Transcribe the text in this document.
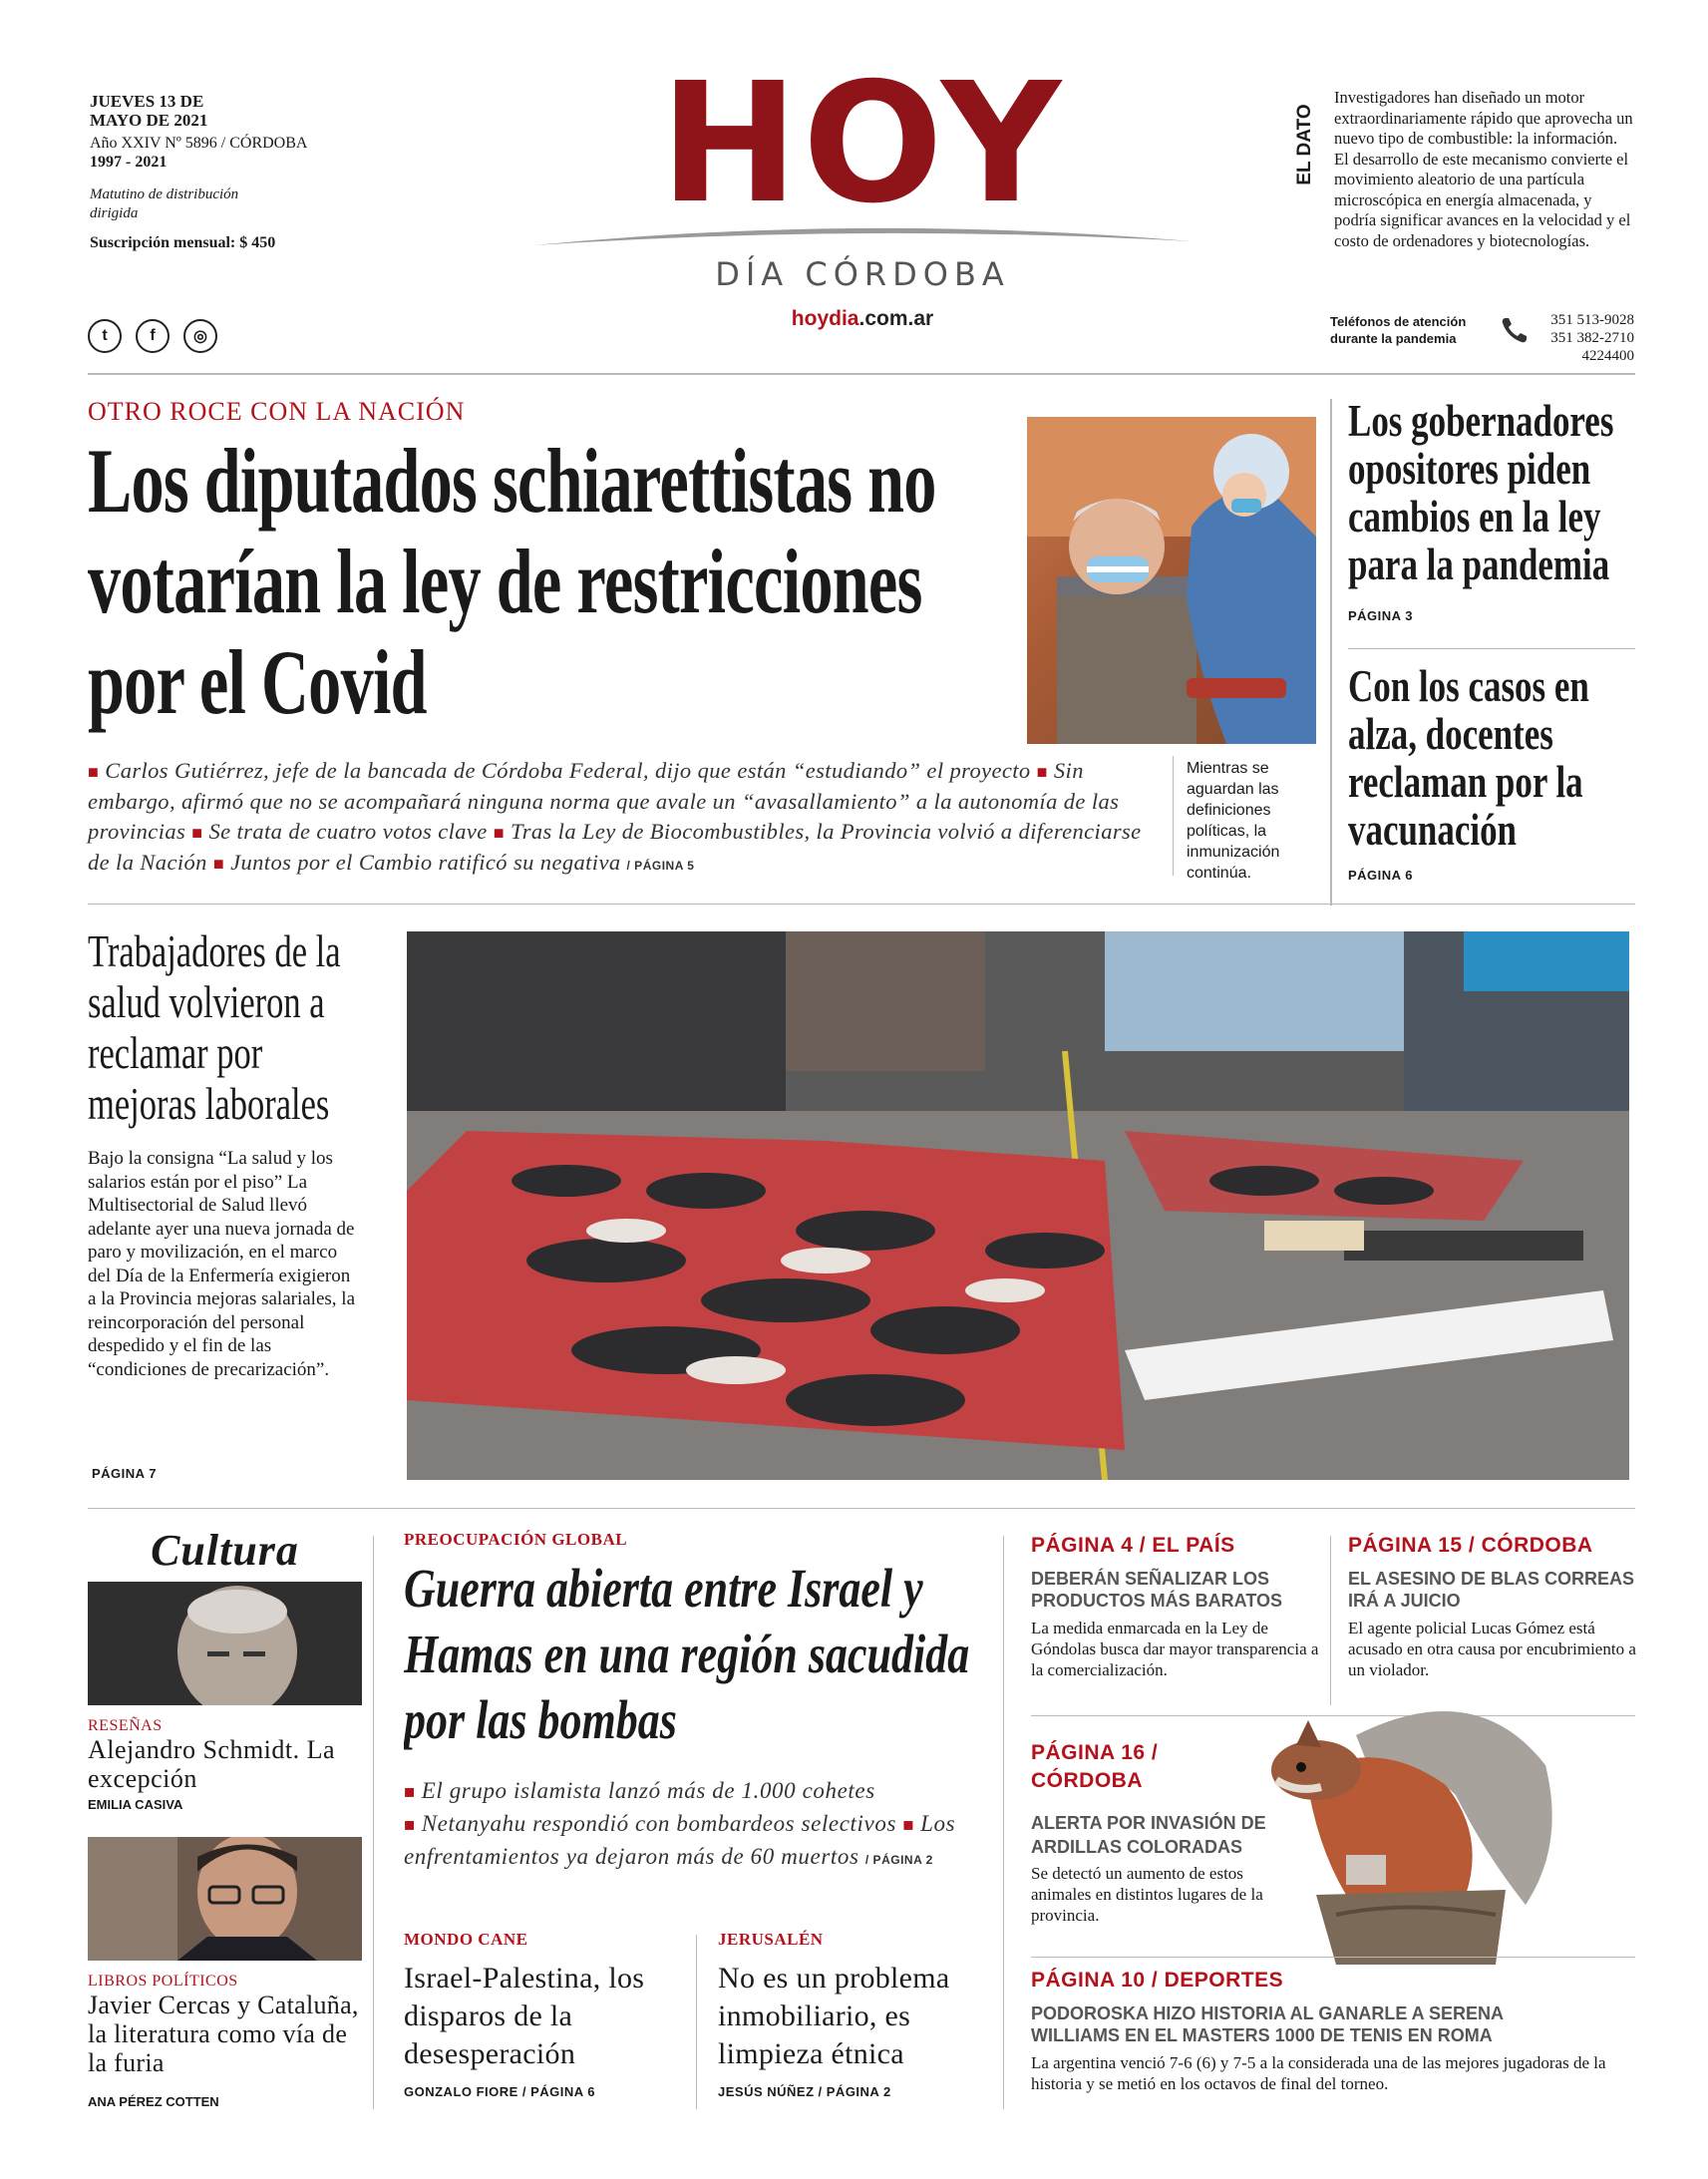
JUEVES 13 DE MAYO DE 2021
Año XXIV Nº 5896 / CÓRDOBA
1997 - 2021
Matutino de distribución dirigida
Suscripción mensual: $ 450
t	f	◎
HOY
DÍA CÓRDOBA
hoydia.com.ar
EL DATO
Investigadores han diseñado un motor extraordinariamente rápido que aprovecha un nuevo tipo de combustible: la información. El desarrollo de este mecanismo convierte el movimiento aleatorio de una partícula microscópica en energía almacenada, y podría significar avances en la velocidad y el costo de ordenadores y biotecnologías.
Teléfonos de atención durante la pandemia
351 513-9028
351 382-2710
4224400
OTRO ROCE CON LA NACIÓN
Los diputados schiarettistas no votarían la ley de restricciones por el Covid
■ Carlos Gutiérrez, jefe de la bancada de Córdoba Federal, dijo que están “estudiando” el proyecto ■ Sin embargo, afirmó que no se acompañará ninguna norma que avale un “avasallamiento” a la autonomía de las provincias ■ Se trata de cuatro votos clave ■ Tras la Ley de Biocombustibles, la Provincia volvió a diferenciarse de la Nación ■ Juntos por el Cambio ratificó su negativa / PÁGINA 5
Mientras se aguardan las definiciones políticas, la inmunización continúa.
Los gobernadores opositores piden cambios en la ley para la pandemia
PÁGINA 3
Con los casos en alza, docentes reclaman por la vacunación
PÁGINA 6
Trabajadores de la salud volvieron a reclamar por mejoras laborales
Bajo la consigna “La salud y los salarios están por el piso” La Multisectorial de Salud llevó adelante ayer una nueva jornada de paro y movilización, en el marco del Día de la Enfermería exigieron a la Provincia mejoras salariales, la reincorporación del personal despedido y el fin de las “condiciones de precarización”.
PÁGINA 7
Cultura
RESEÑAS
Alejandro Schmidt. La excepción
EMILIA CASIVA
LIBROS POLÍTICOS
Javier Cercas y Cataluña, la literatura como vía de la furia
ANA PÉREZ COTTEN
PREOCUPACIÓN GLOBAL
Guerra abierta entre Israel y Hamas en una región sacudida por las bombas
■ El grupo islamista lanzó más de 1.000 cohetes
■ Netanyahu respondió con bombardeos selectivos ■ Los enfrentamientos ya dejaron más de 60 muertos / PÁGINA 2
MONDO CANE
Israel-Palestina, los disparos de la desesperación
GONZALO FIORE / PÁGINA 6
JERUSALÉN
No es un problema inmobiliario, es limpieza étnica
JESÚS NÚÑEZ / PÁGINA 2
PÁGINA 4 / EL PAÍS
DEBERÁN SEÑALIZAR LOS PRODUCTOS MÁS BARATOS
La medida enmarcada en la Ley de Góndolas busca dar mayor transparencia a la comercialización.
PÁGINA 15 / CÓRDOBA
EL ASESINO DE BLAS CORREAS IRÁ A JUICIO
El agente policial Lucas Gómez está acusado en otra causa por encubrimiento a un violador.
PÁGINA 16 / CÓRDOBA
ALERTA POR INVASIÓN DE ARDILLAS COLORADAS
Se detectó un aumento de estos animales en distintos lugares de la provincia.
PÁGINA 10 / DEPORTES
PODOROSKA HIZO HISTORIA AL GANARLE A SERENA WILLIAMS EN EL MASTERS 1000 DE TENIS EN ROMA
La argentina venció 7-6 (6) y 7-5 a la considerada una de las mejores jugadoras de la historia y se metió en los octavos de final del torneo.
